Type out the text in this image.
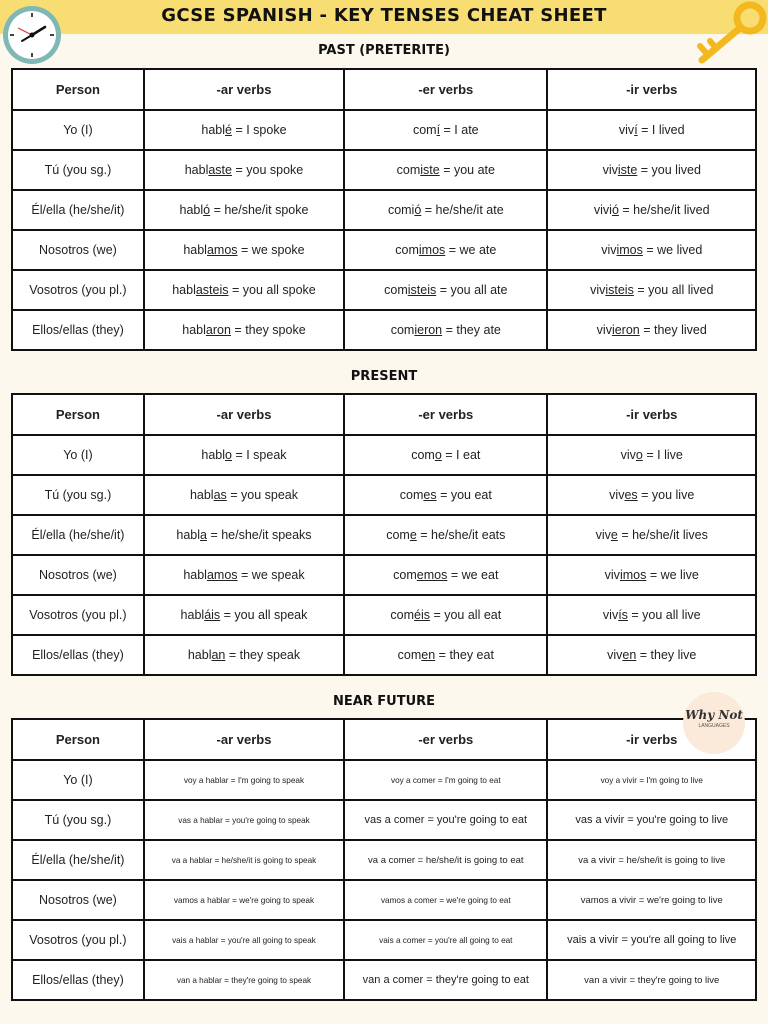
GCSE SPANISH - KEY TENSES CHEAT SHEET
PAST (PRETERITE)
Person	-ar verbs	-er verbs	-ir verbs
Yo (I)	hablé = I spoke	comí = I ate	viví = I lived
Tú (you sg.)	hablaste = you spoke	comiste = you ate	viviste = you lived
Él/ella (he/she/it)	habló = he/she/it spoke	comió = he/she/it ate	vivió = he/she/it lived
Nosotros (we)	hablamos = we spoke	comimos = we ate	vivimos = we lived
Vosotros (you pl.)	hablasteis = you all spoke	comisteis = you all ate	vivisteis = you all lived
Ellos/ellas (they)	hablaron = they spoke	comieron = they ate	vivieron = they lived
PRESENT
Person	-ar verbs	-er verbs	-ir verbs
Yo (I)	hablo = I speak	como = I eat	vivo = I live
Tú (you sg.)	hablas = you speak	comes = you eat	vives = you live
Él/ella (he/she/it)	habla = he/she/it speaks	come = he/she/it eats	vive = he/she/it lives
Nosotros (we)	hablamos = we speak	comemos = we eat	vivimos = we live
Vosotros (you pl.)	habláis = you all speak	coméis = you all eat	vivís = you all live
Ellos/ellas (they)	hablan = they speak	comen = they eat	viven = they live
NEAR FUTURE
Person	-ar verbs	-er verbs	-ir verbs
Yo (I)	voy a hablar = I'm going to speak	voy a comer = I'm going to eat	voy a vivir = I'm going to live
Tú (you sg.)	vas a hablar = you're going to speak	vas a comer = you're going to eat	vas a vivir = you're going to live
Él/ella (he/she/it)	va a hablar = he/she/it is going to speak	va a comer = he/she/it is going to eat	va a vivir = he/she/it is going to live
Nosotros (we)	vamos a hablar = we're going to speak	vamos a comer = we're going to eat	vamos a vivir = we're going to live
Vosotros (you pl.)	vais a hablar = you're all going to speak	vais a comer = you're all going to eat	vais a vivir = you're all going to live
Ellos/ellas (they)	van a hablar = they're going to speak	van a comer = they're going to eat	van a vivir = they're going to live
Why Not
LANGUAGES
